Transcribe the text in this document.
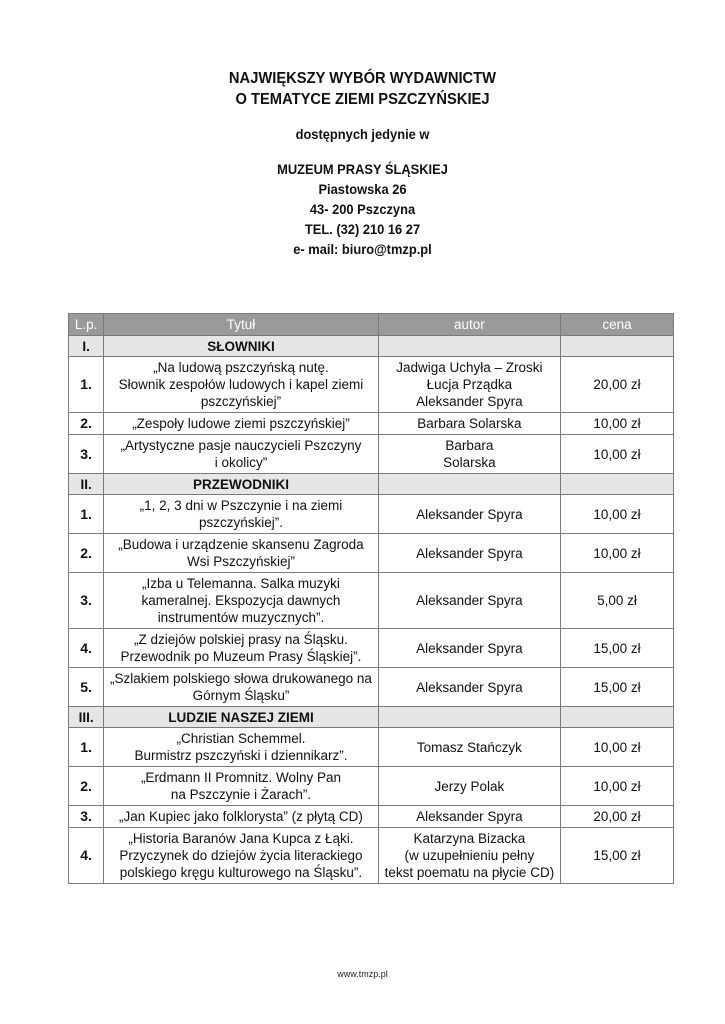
NAJWIĘKSZY WYBÓR WYDAWNICTW
O TEMATYCE ZIEMI PSZCZYŃSKIEJ
dostępnych jedynie w
MUZEUM PRASY ŚLĄSKIEJ
Piastowska 26
43- 200 Pszczyna
TEL. (32) 210 16 27
e- mail: biuro@tmzp.pl
L.p.	Tytuł	autor	cena
I.	SŁOWNIKI		
1.	„Na ludową pszczyńską nutę.
Słownik zespołów ludowych i kapel ziemi
pszczyńskiej”	Jadwiga Uchyła – Zroski
Łucja Prządka
Aleksander Spyra	20,00 zł
2.	„Zespoły ludowe ziemi pszczyńskiej”	Barbara Solarska	10,00 zł
3.	„Artystyczne pasje nauczycieli Pszczyny
i okolicy”	Barbara
Solarska	10,00 zł
II.	PRZEWODNIKI		
1.	„1, 2, 3 dni w Pszczynie i na ziemi
pszczyńskiej”.	Aleksander Spyra	10,00 zł
2.	„Budowa i urządzenie skansenu Zagroda
Wsi Pszczyńskiej”	Aleksander Spyra	10,00 zł
3.	„Izba u Telemanna. Salka muzyki
kameralnej. Ekspozycja dawnych
instrumentów muzycznych”.	Aleksander Spyra	5,00 zł
4.	„Z dziejów polskiej prasy na Śląsku.
Przewodnik po Muzeum Prasy Śląskiej”.	Aleksander Spyra	15,00 zł
5.	„Szlakiem polskiego słowa drukowanego na
Górnym Śląsku”	Aleksander Spyra	15,00 zł
III.	LUDZIE NASZEJ ZIEMI		
1.	„Christian Schemmel.
Burmistrz pszczyński i dziennikarz”.	Tomasz Stańczyk	10,00 zł
2.	„Erdmann II Promnitz. Wolny Pan
na Pszczynie i Żarach”.	Jerzy Polak	10,00 zł
3.	„Jan Kupiec jako folklorysta” (z płytą CD)	Aleksander Spyra	20,00 zł
4.	„Historia Baranów Jana Kupca z Łąki.
Przyczynek do dziejów życia literackiego
polskiego kręgu kulturowego na Śląsku”.	Katarzyna Bizacka
(w uzupełnieniu pełny
tekst poematu na płycie CD)	15,00 zł
www.tmzp.pl
